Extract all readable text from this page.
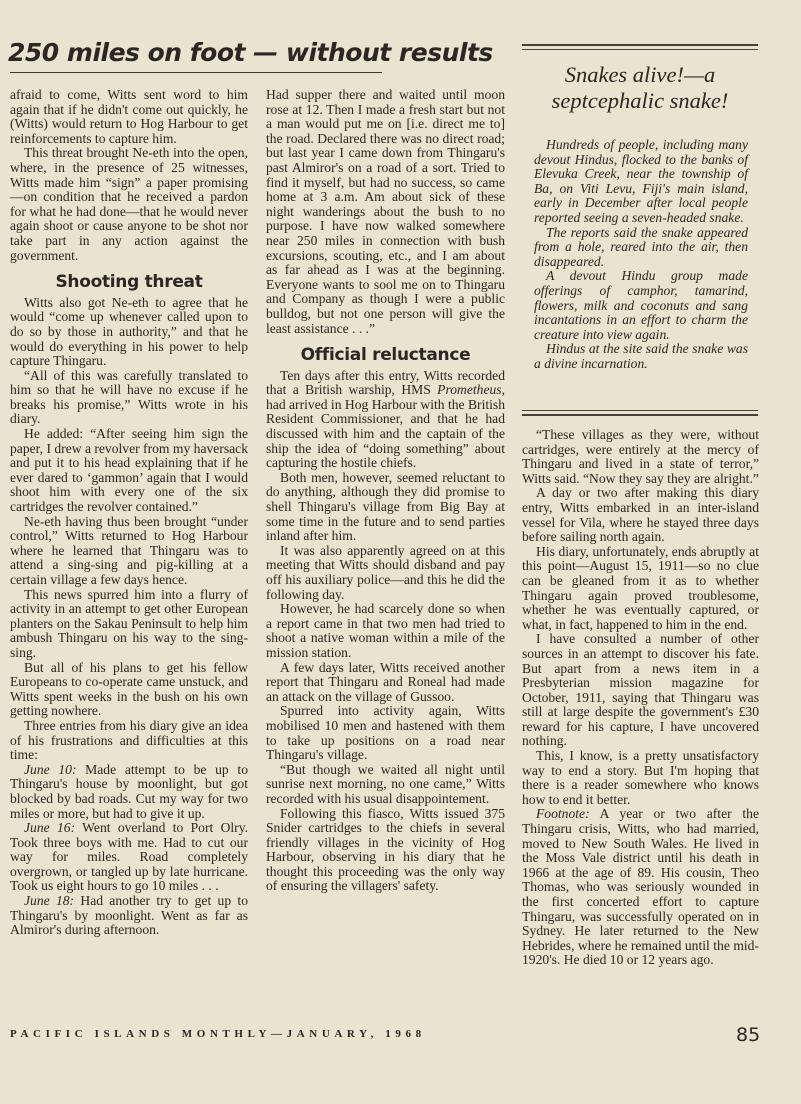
250 miles on foot — without results

afraid to come, Witts sent word to him again that if he didn't come out quickly, he (Witts) would return to Hog Harbour to get reinforcements to capture him.

This threat brought Ne-eth into the open, where, in the presence of 25 witnesses, Witts made him “sign” a paper promising—on condition that he received a pardon for what he had done—that he would never again shoot or cause anyone to be shot nor take part in any action against the government.

Shooting threat

Witts also got Ne-eth to agree that he would “come up whenever called upon to do so by those in authority,” and that he would do everything in his power to help capture Thingaru.

“All of this was carefully translated to him so that he will have no excuse if he breaks his promise,” Witts wrote in his diary.

He added: “After seeing him sign the paper, I drew a revolver from my haversack and put it to his head explaining that if he ever dared to ‘gammon’ again that I would shoot him with every one of the six cartridges the revolver contained.”

Ne-eth having thus been brought “under control,” Witts returned to Hog Harbour where he learned that Thingaru was to attend a sing-sing and pig-killing at a certain village a few days hence.

This news spurred him into a flurry of activity in an attempt to get other European planters on the Sakau Peninsult to help him ambush Thingaru on his way to the sing-sing.

But all of his plans to get his fellow Europeans to co-operate came unstuck, and Witts spent weeks in the bush on his own getting nowhere.

Three entries from his diary give an idea of his frustrations and difficulties at this time:

June 10: Made attempt to be up to Thingaru's house by moonlight, but got blocked by bad roads. Cut my way for two miles or more, but had to give it up.

June 16: Went overland to Port Olry. Took three boys with me. Had to cut our way for miles. Road completely overgrown, or tangled up by late hurricane. Took us eight hours to go 10 miles . . .

June 18: Had another try to get up to Thingaru's by moonlight. Went as far as Almiror's during afternoon.

Had supper there and waited until moon rose at 12. Then I made a fresh start but not a man would put me on [i.e. direct me to] the road. Declared there was no direct road; but last year I came down from Thingaru's past Almiror's on a road of a sort. Tried to find it myself, but had no success, so came home at 3 a.m. Am about sick of these night wanderings about the bush to no purpose. I have now walked somewhere near 250 miles in connection with bush excursions, scouting, etc., and I am about as far ahead as I was at the beginning. Everyone wants to sool me on to Thingaru and Company as though I were a public bulldog, but not one person will give the least assistance . . .”

Official reluctance

Ten days after this entry, Witts recorded that a British warship, HMS Prometheus, had arrived in Hog Harbour with the British Resident Commissioner, and that he had discussed with him and the captain of the ship the idea of “doing something” about capturing the hostile chiefs.

Both men, however, seemed reluctant to do anything, although they did promise to shell Thingaru's village from Big Bay at some time in the future and to send parties inland after him.

It was also apparently agreed on at this meeting that Witts should disband and pay off his auxiliary police—and this he did the following day.

However, he had scarcely done so when a report came in that two men had tried to shoot a native woman within a mile of the mission station.

A few days later, Witts received another report that Thingaru and Roneal had made an attack on the village of Gussoo.

Spurred into activity again, Witts mobilised 10 men and hastened with them to take up positions on a road near Thingaru's village.

“But though we waited all night until sunrise next morning, no one came,” Witts recorded with his usual disappointement.

Following this fiasco, Witts issued 375 Snider cartridges to the chiefs in several friendly villages in the vicinity of Hog Harbour, observing in his diary that he thought this proceeding was the only way of ensuring the villagers' safety.

Snakes alive!—a septcephalic snake!

Hundreds of people, including many devout Hindus, flocked to the banks of Elevuka Creek, near the township of Ba, on Viti Levu, Fiji's main island, early in December after local people reported seeing a seven-headed snake.

The reports said the snake appeared from a hole, reared into the air, then disappeared.

A devout Hindu group made offerings of camphor, tamarind, flowers, milk and coconuts and sang incantations in an effort to charm the creature into view again.

Hindus at the site said the snake was a divine incarnation.

“These villages as they were, without cartridges, were entirely at the mercy of Thingaru and lived in a state of terror,” Witts said. “Now they say they are alright.”

A day or two after making this diary entry, Witts embarked in an inter-island vessel for Vila, where he stayed three days before sailing north again.

His diary, unfortunately, ends abruptly at this point—August 15, 1911—so no clue can be gleaned from it as to whether Thingaru again proved troublesome, whether he was eventually captured, or what, in fact, happened to him in the end.

I have consulted a number of other sources in an attempt to discover his fate. But apart from a news item in a Presbyterian mission magazine for October, 1911, saying that Thingaru was still at large despite the government's £30 reward for his capture, I have uncovered nothing.

This, I know, is a pretty unsatisfactory way to end a story. But I'm hoping that there is a reader somewhere who knows how to end it better.

Footnote: A year or two after the Thingaru crisis, Witts, who had married, moved to New South Wales. He lived in the Moss Vale district until his death in 1966 at the age of 89. His cousin, Theo Thomas, who was seriously wounded in the first concerted effort to capture Thingaru, was successfully operated on in Sydney. He later returned to the New Hebrides, where he remained until the mid-1920's. He died 10 or 12 years ago.

PACIFIC ISLANDS MONTHLY—JANUARY, 1968	85
